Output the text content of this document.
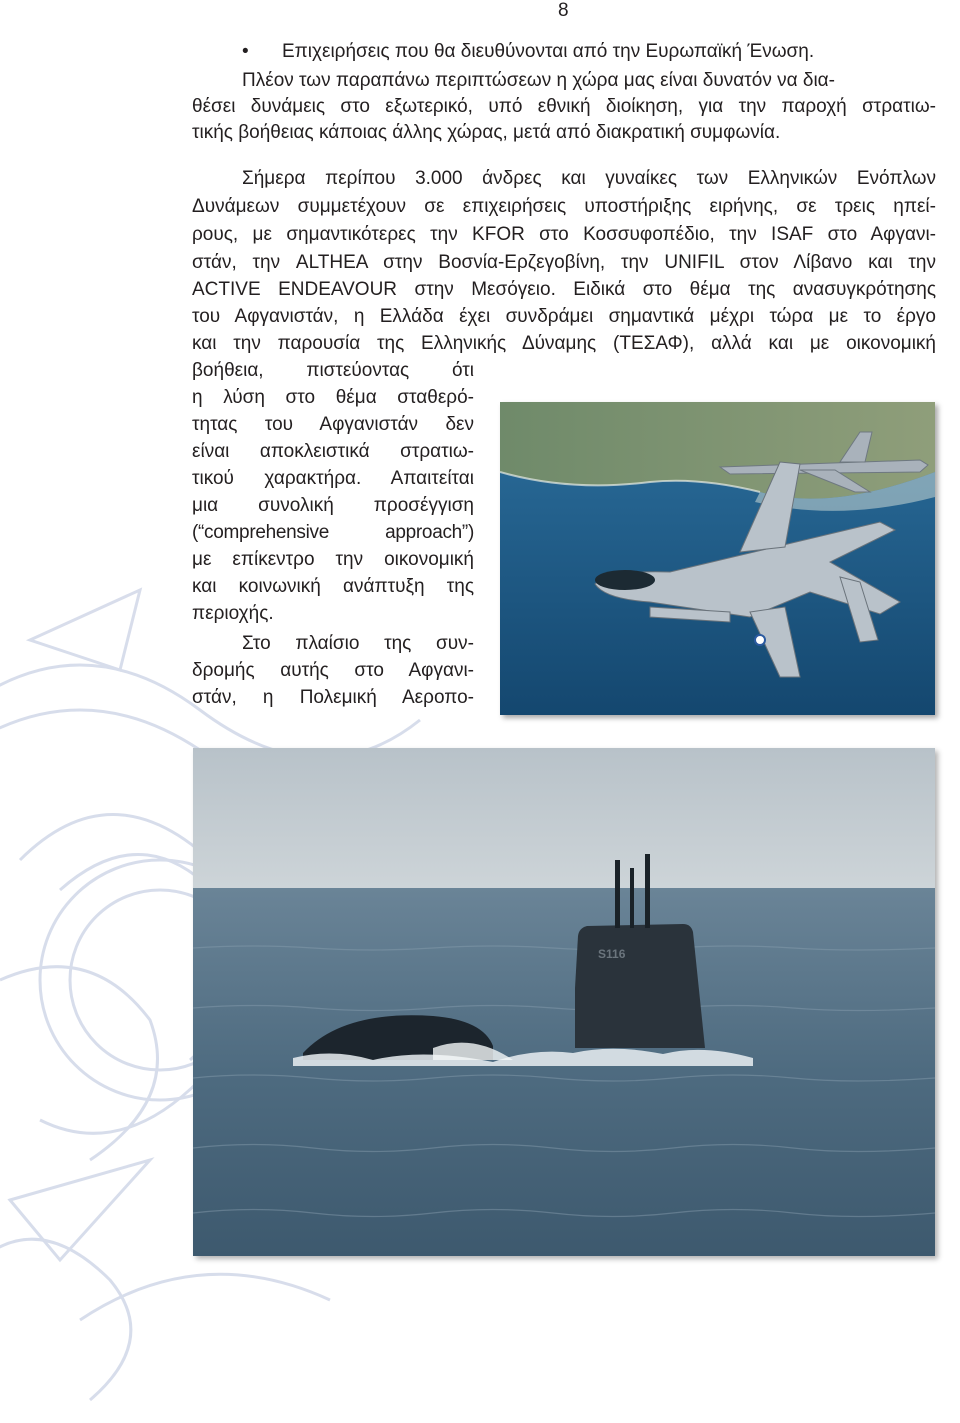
8
• Επιχειρήσεις που θα διευθύνονται από την Ευρωπαϊκή Ένωση.
Πλέον των παραπάνω περιπτώσεων η χώρα μας είναι δυνατόν να δια-
θέσει δυνάμεις στο εξωτερικό, υπό εθνική διοίκηση, για την παροχή στρατιω-
τικής βοήθειας κάποιας άλλης χώρας, μετά από διακρατική συμφωνία.
Σήμερα περίπου 3.000 άνδρες και γυναίκες των Ελληνικών Ενόπλων
Δυνάμεων συμμετέχουν σε επιχειρήσεις υποστήριξης ειρήνης, σε τρεις ηπεί-
ρους, με σημαντικότερες την KFOR στο Κοσσυφοπέδιο, την ISAF στο Αφγανι-
στάν, την ALTHEA στην Βοσνία-Ερζεγοβίνη, την UNIFIL στον Λίβανο και την
ACTIVE ENDEAVOUR στην Μεσόγειο. Ειδικά στο θέμα της ανασυγκρότησης
του Αφγανιστάν, η Ελλάδα έχει συνδράμει σημαντικά μέχρι τώρα με το έργο
και την παρουσία της Ελληνικής Δύναμης (ΤΕΣΑΦ), αλλά και με οικονομική
βοήθεια, πιστεύοντας ότι
η λύση στο θέμα σταθερό-
τητας του Αφγανιστάν δεν
είναι αποκλειστικά στρατιω-
τικού χαρακτήρα. Απαιτείται
μια συνολική προσέγγιση
(“comprehensive approach”)
με επίκεντρο την οικονομική
και κοινωνική ανάπτυξη της
περιοχής.
Στο πλαίσιο της συν-
δρομής αυτής στο Αφγανι-
στάν, η Πολεμική Αεροπο-
S116
